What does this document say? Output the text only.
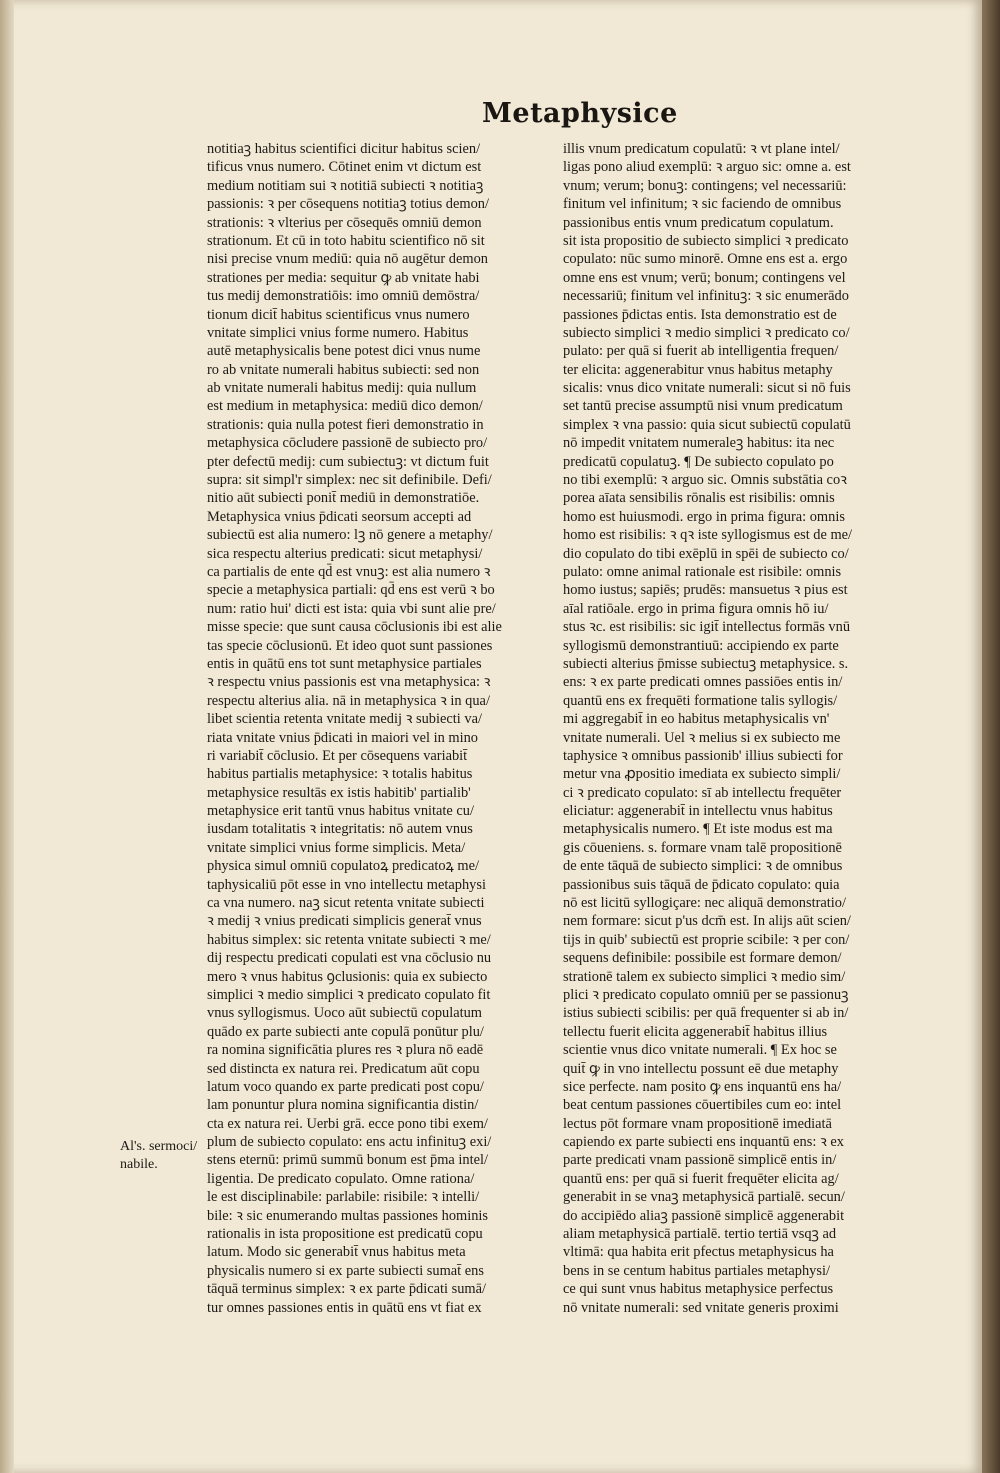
Metaphysice
notitiaꝫ habitus scientifici dicitur habitus scien/
tificus vnus numero. Cōtinet enim vt dictum est
medium notitiam sui ꝛ notitiā subiecti ꝛ notitiaꝫ
passionis: ꝛ per cōsequens notitiaꝫ totius demon/
strationis: ꝛ vlterius per cōsequēs omniū demon
strationum. Et cū in toto habitu scientifico nō sit
nisi precise vnum mediū: quia nō augētur demon
strationes per media: sequitur ꝙ ab vnitate habi
tus medij demonstratiōis: imo omniū demōstra/
tionum dicit̄ habitus scientificus vnus numero
vnitate simplici vnius forme numero. Habitus
autē metaphysicalis bene potest dici vnus nume
ro ab vnitate numerali habitus subiecti: sed non
ab vnitate numerali habitus medij: quia nullum
est medium in metaphysica: mediū dico demon/
strationis: quia nulla potest fieri demonstratio in
metaphysica cōcludere passionē de subiecto pro/
pter defectū medij: cum subiectuꝫ: vt dictum fuit
supra: sit simpl'r simplex: nec sit definibile. Defi/
nitio aūt subiecti ponit̄ mediū in demonstratiōe.
Metaphysica vnius p̄dicati seorsum accepti ad
subiectū est alia numero: lꝫ nō genere a metaphy/
sica respectu alterius predicati: sicut metaphysi/
ca partialis de ente qd̄ est vnuꝫ: est alia numero ꝛ
specie a metaphysica partiali: qd̄ ens est verū ꝛ bo
num: ratio hui' dicti est ista: quia vbi sunt alie pre/
misse specie: que sunt causa cōclusionis ibi est alie
tas specie cōclusionū. Et ideo quot sunt passiones
entis in quātū ens tot sunt metaphysice partiales
ꝛ respectu vnius passionis est vna metaphysica: ꝛ
respectu alterius alia. nā in metaphysica ꝛ in qua/
libet scientia retenta vnitate medij ꝛ subiecti va/
riata vnitate vnius p̄dicati in maiori vel in mino
ri variabit̄ cōclusio. Et per cōsequens variabit̄
habitus partialis metaphysice: ꝛ totalis habitus
metaphysice resultās ex istis habitib' partialib'
metaphysice erit tantū vnus habitus vnitate cu/
iusdam totalitatis ꝛ integritatis: nō autem vnus
vnitate simplici vnius forme simplicis. Meta/
physica simul omniū copulatoꝝ predicatoꝝ me/
taphysicaliū pōt esse in vno intellectu metaphysi
ca vna numero. naꝫ sicut retenta vnitate subiecti
ꝛ medij ꝛ vnius predicati simplicis generat̄ vnus
habitus simplex: sic retenta vnitate subiecti ꝛ me/
dij respectu predicati copulati est vna cōclusio nu
mero ꝛ vnus habitus ꝯclusionis: quia ex subiecto
simplici ꝛ medio simplici ꝛ predicato copulato fit
vnus syllogismus. Uoco aūt subiectū copulatum
quādo ex parte subiecti ante copulā ponūtur plu/
ra nomina significātia plures res ꝛ plura nō eadē
sed distincta ex natura rei. Predicatum aūt copu
latum voco quando ex parte predicati post copu/
lam ponuntur plura nomina significantia distin/
cta ex natura rei. Uerbi grā. ecce pono tibi exem/
plum de subiecto copulato: ens actu infinituꝫ exi/
stens eternū: primū summū bonum est p̄ma intel/
ligentia. De predicato copulato. Omne rationa/
le est disciplinabile: parlabile: risibile: ꝛ intelli/
bile: ꝛ sic enumerando multas passiones hominis
rationalis in ista propositione est predicatū copu
latum. Modo sic generabit̄ vnus habitus meta
physicalis numero si ex parte subiecti sumat̄ ens
tāquā terminus simplex: ꝛ ex parte p̄dicati sumā/
tur omnes passiones entis in quātū ens vt fiat ex
illis vnum predicatum copulatū: ꝛ vt plane intel/
ligas pono aliud exemplū: ꝛ arguo sic: omne a. est
vnum; verum; bonuꝫ: contingens; vel necessariū:
finitum vel infinitum; ꝛ sic faciendo de omnibus
passionibus entis vnum predicatum copulatum.
sit ista propositio de subiecto simplici ꝛ predicato
copulato: nūc sumo minorē. Omne ens est a. ergo
omne ens est vnum; verū; bonum; contingens vel
necessariū; finitum vel infinituꝫ: ꝛ sic enumerādo
passiones p̄dictas entis. Ista demonstratio est de
subiecto simplici ꝛ medio simplici ꝛ predicato co/
pulato: per quā si fuerit ab intelligentia frequen/
ter elicita: aggenerabitur vnus habitus metaphy
sicalis: vnus dico vnitate numerali: sicut si nō fuis
set tantū precise assumptū nisi vnum predicatum
simplex ꝛ vna passio: quia sicut subiectū copulatū
nō impedit vnitatem numeraleꝫ habitus: ita nec
predicatū copulatuꝫ. ¶ De subiecto copulato po
no tibi exemplū: ꝛ arguo sic. Omnis substātia coꝛ
porea aīata sensibilis rōnalis est risibilis: omnis
homo est huiusmodi. ergo in prima figura: omnis
homo est risibilis: ꝛ qꝛ iste syllogismus est de me/
dio copulato do tibi exēplū in spēi de subiecto co/
pulato: omne animal rationale est risibile: omnis
homo iustus; sapiēs; prudēs: mansuetus ꝛ pius est
aīal ratiōale. ergo in prima figura omnis hō iu/
stus ꝛc. est risibilis: sic igit̄ intellectus formās vnū
syllogismū demonstrantiuū: accipiendo ex parte
subiecti alterius p̄misse subiectuꝫ metaphysice. s.
ens: ꝛ ex parte predicati omnes passiōes entis in/
quantū ens ex frequēti formatione talis syllogis/
mi aggregabit̄ in eo habitus metaphysicalis vn'
vnitate numerali. Uel ꝛ melius si ex subiecto me
taphysice ꝛ omnibus passionib' illius subiecti for
metur vna ꝓpositio imediata ex subiecto simpli/
ci ꝛ predicato copulato: sī ab intellectu frequēter
eliciatur: aggenerabit̄ in intellectu vnus habitus
metaphysicalis numero. ¶ Et iste modus est ma
gis cōueniens. s. formare vnam talē propositionē
de ente tāquā de subiecto simplici: ꝛ de omnibus
passionibus suis tāquā de p̄dicato copulato: quia
nō est licitū syllogiçare: nec aliquā demonstratio/
nem formare: sicut p'us dcm̄ est. In alijs aūt scien/
tijs in quib' subiectū est proprie scibile: ꝛ per con/
sequens definibile: possibile est formare demon/
strationē talem ex subiecto simplici ꝛ medio sim/
plici ꝛ predicato copulato omniū per se passionuꝫ
istius subiecti scibilis: per quā frequenter si ab in/
tellectu fuerit elicita aggenerabit̄ habitus illius
scientie vnus dico vnitate numerali. ¶ Ex hoc se
quit̄ ꝙ in vno intellectu possunt eē due metaphy
sice perfecte. nam posito ꝙ ens inquantū ens ha/
beat centum passiones cōuertibiles cum eo: intel
lectus pōt formare vnam propositionē imediatā
capiendo ex parte subiecti ens inquantū ens: ꝛ ex
parte predicati vnam passionē simplicē entis in/
quantū ens: per quā si fuerit frequēter elicita ag/
generabit in se vnaꝫ metaphysicā partialē. secun/
do accipiēdo aliaꝫ passionē simplicē aggenerabit
aliam metaphysicā partialē. tertio tertiā vsqꝫ ad
vltimā: qua habita erit pfectus metaphysicus ha
bens in se centum habitus partiales metaphysi/
ce qui sunt vnus habitus metaphysice perfectus
nō vnitate numerali: sed vnitate generis proximi
Al's. sermoci/
nabile.
